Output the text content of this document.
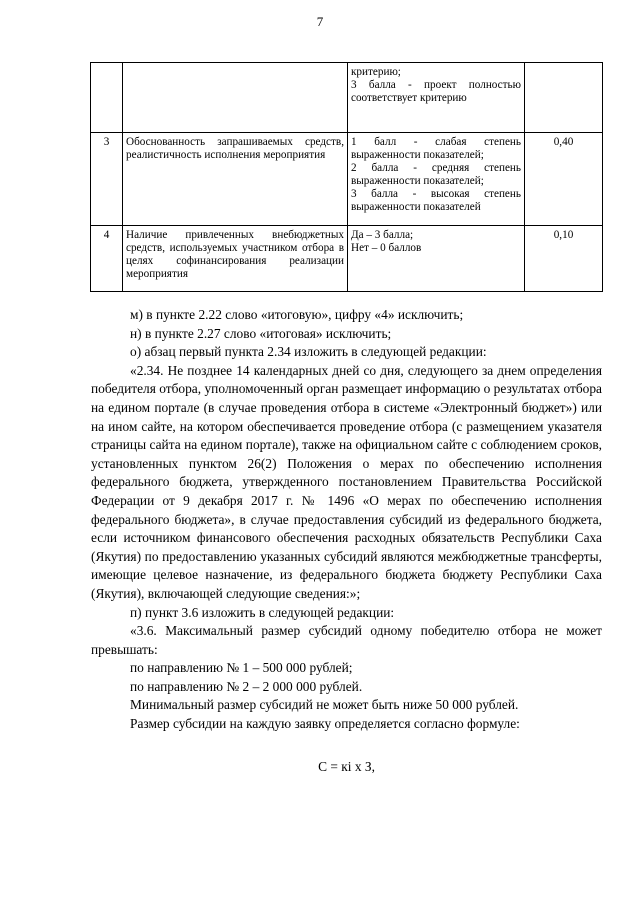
7

		критерию;
3 балла - проект полностью соответствует критерию	

3	Обоснованность запрашиваемых средств, реалистичность исполнения мероприятия	1 балл - слабая степень выраженности показателей;
2 балла - средняя степень выраженности показателей;
3 балла - высокая степень выраженности показателей	0,40
4	Наличие привлеченных внебюджетных средств, используемых участником отбора в целях софинансирования реализации мероприятия	Да – 3 балла;
Нет – 0 баллов	0,10

м) в пункте 2.22 слово «итоговую», цифру «4» исключить;

н) в пункте 2.27 слово «итоговая» исключить;

о) абзац первый пункта 2.34 изложить в следующей редакции:

«2.34. Не позднее 14 календарных дней со дня, следующего за днем определения победителя отбора, уполномоченный орган размещает информацию о результатах отбора на едином портале (в случае проведения отбора в системе «Электронный бюджет») или на ином сайте, на котором обеспечивается проведение отбора (с размещением указателя страницы сайта на едином портале), также на официальном сайте с соблюдением сроков, установленных пунктом 26(2) Положения о мерах по обеспечению исполнения федерального бюджета, утвержденного постановлением Правительства Российской Федерации от 9 декабря 2017 г. № 1496 «О мерах по обеспечению исполнения федерального бюджета», в случае предоставления субсидий из федерального бюджета, если источником финансового обеспечения расходных обязательств Республики Саха (Якутия) по предоставлению указанных субсидий являются межбюджетные трансферты, имеющие целевое назначение, из федерального бюджета бюджету Республики Саха (Якутия), включающей следующие сведения:»;

п) пункт 3.6 изложить в следующей редакции:

«3.6. Максимальный размер субсидий одному победителю отбора не может превышать:

по направлению № 1 – 500 000 рублей;

по направлению № 2 – 2 000 000 рублей.

Минимальный размер субсидий не может быть ниже 50 000 рублей.

Размер субсидии на каждую заявку определяется согласно формуле:

С = кi х З,
